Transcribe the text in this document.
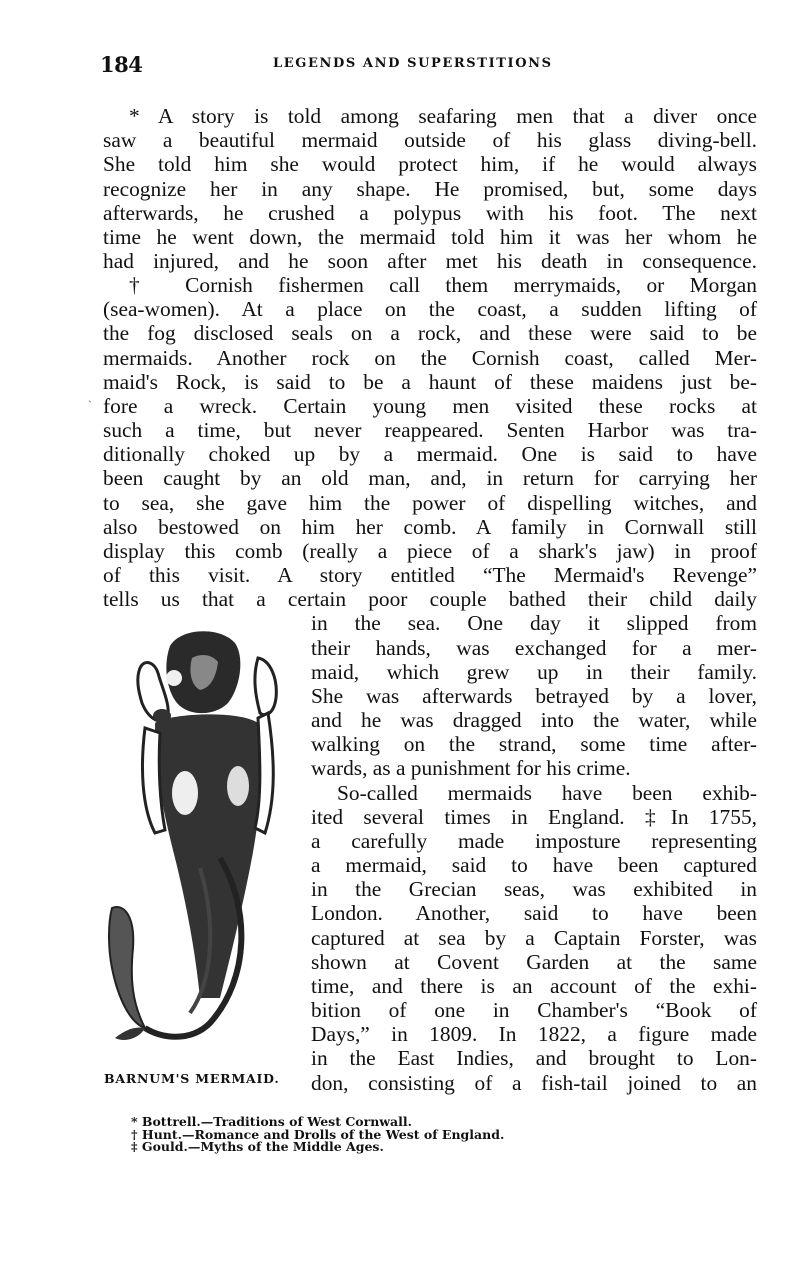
184	LEGENDS AND SUPERSTITIONS
`
* A story is told among seafaring men that a diver once
saw a beautiful mermaid outside of his glass diving-bell.
She told him she would protect him, if he would always
recognize her in any shape. He promised, but, some days
afterwards, he crushed a polypus with his foot. The next
time he went down, the mermaid told him it was her whom he
had injured, and he soon after met his death in consequence.
† Cornish fishermen call them merrymaids, or Morgan
(sea-women). At a place on the coast, a sudden lifting of
the fog disclosed seals on a rock, and these were said to be
mermaids. Another rock on the Cornish coast, called Mer-
maid's Rock, is said to be a haunt of these maidens just be-
fore a wreck. Certain young men visited these rocks at
such a time, but never reappeared. Senten Harbor was tra-
ditionally choked up by a mermaid. One is said to have
been caught by an old man, and, in return for carrying her
to sea, she gave him the power of dispelling witches, and
also bestowed on him her comb. A family in Cornwall still
display this comb (really a piece of a shark's jaw) in proof
of this visit. A story entitled “The Mermaid's Revenge”
tells us that a certain poor couple bathed their child daily
in the sea. One day it slipped from
their hands, was exchanged for a mer-
maid, which grew up in their family.
She was afterwards betrayed by a lover,
and he was dragged into the water, while
walking on the strand, some time after-
wards, as a punishment for his crime.
So-called mermaids have been exhib-
ited several times in England. ‡In 1755,
a carefully made imposture representing
a mermaid, said to have been captured
in the Grecian seas, was exhibited in
London. Another, said to have been
captured at sea by a Captain Forster, was
shown at Covent Garden at the same
time, and there is an account of the exhi-
bition of one in Chamber's “Book of
Days,” in 1809. In 1822, a figure made
in the East Indies, and brought to Lon-
don, consisting of a fish-tail joined to an
BARNUM'S MERMAID.
* Bottrell.—Traditions of West Cornwall.
† Hunt.—Romance and Drolls of the West of England.
‡ Gould.—Myths of the Middle Ages.
